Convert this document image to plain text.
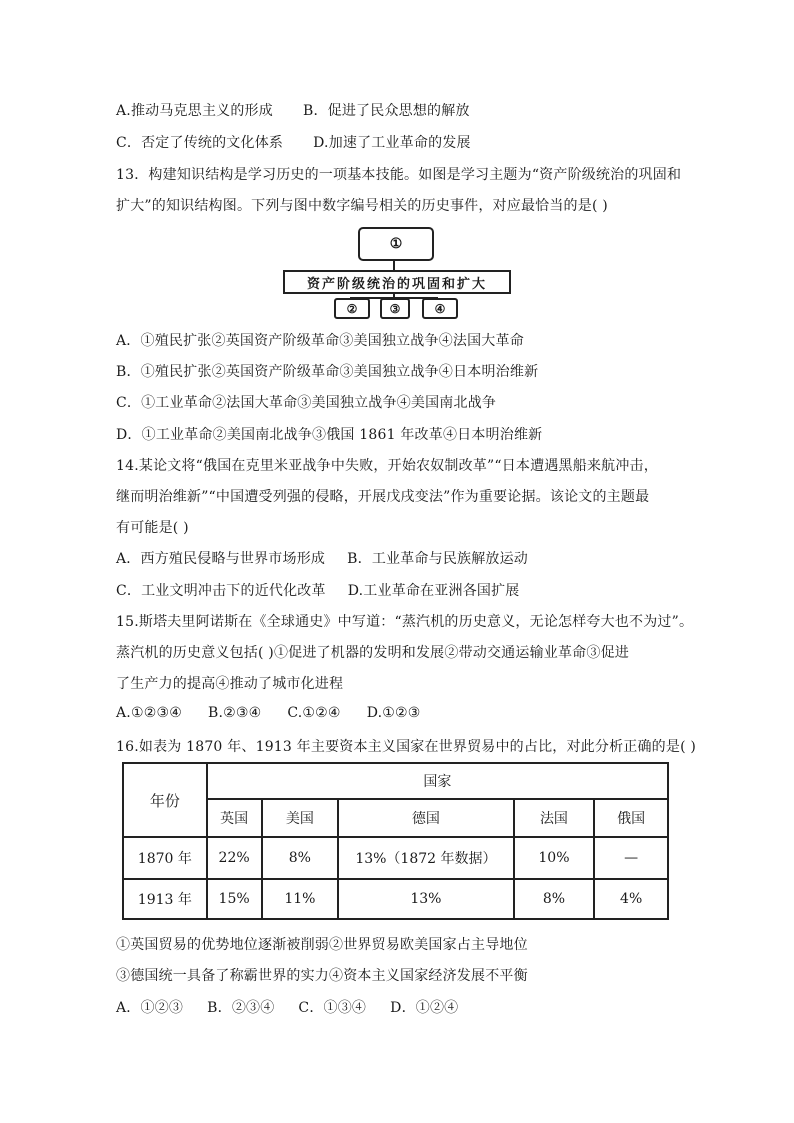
A.推动马克思主义的形成 B．促进了民众思想的解放
C．否定了传统的文化体系 D.加速了工业革命的发展
13．构建知识结构是学习历史的一项基本技能。如图是学习主题为“资产阶级统治的巩固和
扩大”的知识结构图。下列与图中数字编号相关的历史事件，对应最恰当的是( )
①
资产阶级统治的巩固和扩大
②	③	④
A．①殖民扩张②英国资产阶级革命③美国独立战争④法国大革命
B．①殖民扩张②英国资产阶级革命③美国独立战争④日本明治维新
C．①工业革命②法国大革命③美国独立战争④美国南北战争
D．①工业革命②美国南北战争③俄国 1861 年改革④日本明治维新
14.某论文将“俄国在克里米亚战争中失败，开始农奴制改革”“日本遭遇黑船来航冲击，
继而明治维新”“中国遭受列强的侵略，开展戊戌变法”作为重要论据。该论文的主题最
有可能是( )
A．西方殖民侵略与世界市场形成 B．工业革命与民族解放运动
C．工业文明冲击下的近代化改革 D.工业革命在亚洲各国扩展
15.斯塔夫里阿诺斯在《全球通史》中写道：“蒸汽机的历史意义，无论怎样夸大也不为过”。
蒸汽机的历史意义包括( )①促进了机器的发明和发展②带动交通运输业革命③促进
了生产力的提高④推动了城市化进程
A.①②③④ B.②③④ C.①②④ D.①②③
16.如表为 1870 年、1913 年主要资本主义国家在世界贸易中的占比，对此分析正确的是( )
年份	国家				
	英国	美国	德国	法国	俄国
1870 年	22%	8%	13%（1872 年数据）	10%	—
1913 年	15%	11%	13%	8%	4%
①英国贸易的优势地位逐渐被削弱②世界贸易欧美国家占主导地位
③德国统一具备了称霸世界的实力④资本主义国家经济发展不平衡
A．①②③ B．②③④ C．①③④ D．①②④
